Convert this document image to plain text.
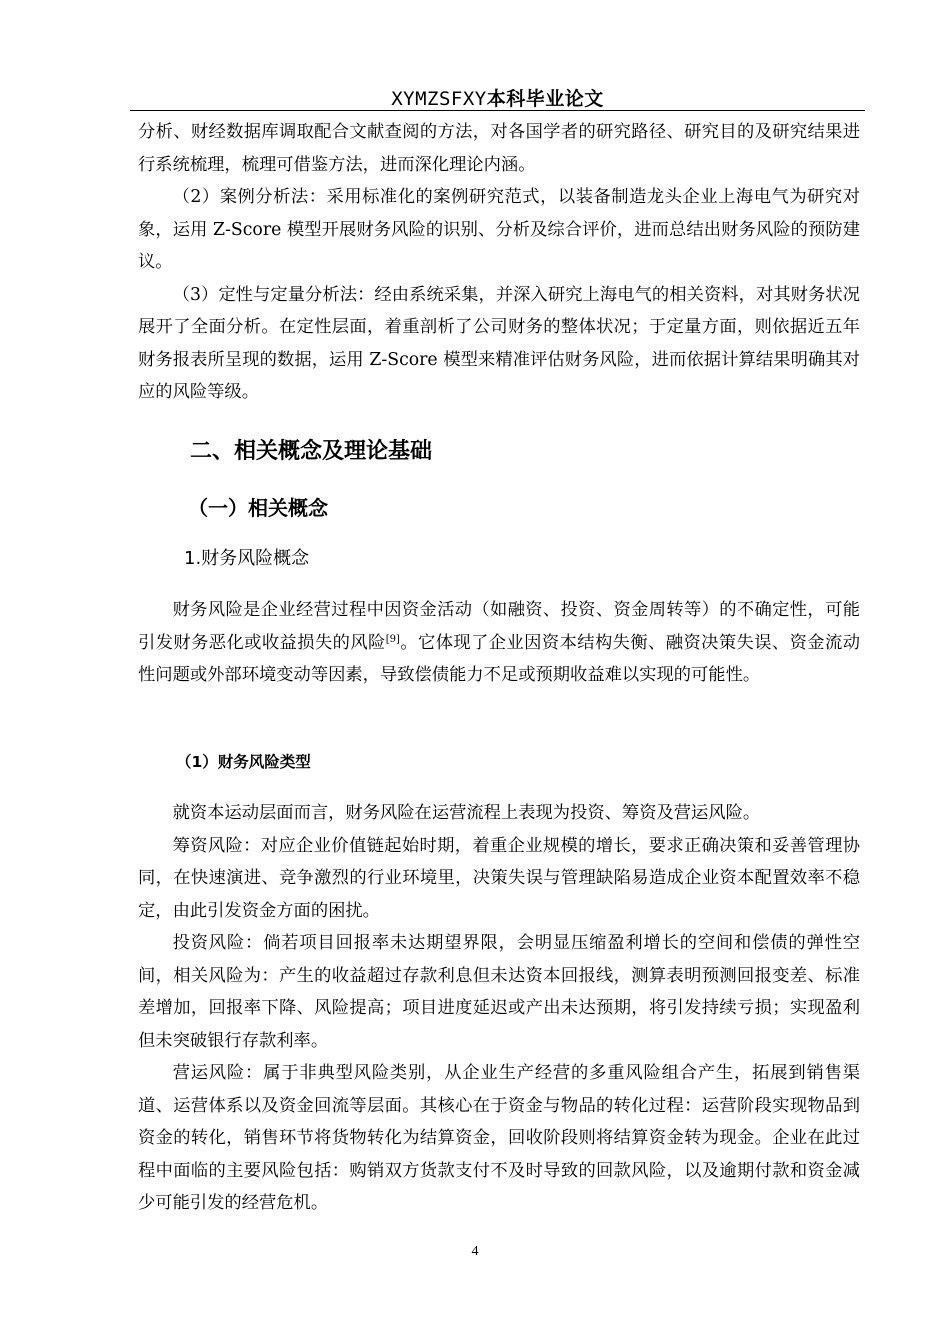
XYMZSFXY本科毕业论文

分析、财经数据库调取配合文献查阅的方法，对各国学者的研究路径、研究目的及研究结果进行系统梳理，梳理可借鉴方法，进而深化理论内涵。

（2）案例分析法：采用标准化的案例研究范式，以装备制造龙头企业上海电气为研究对象，运用 Z-Score 模型开展财务风险的识别、分析及综合评价，进而总结出财务风险的预防建议。

（3）定性与定量分析法：经由系统采集，并深入研究上海电气的相关资料，对其财务状况展开了全面分析。在定性层面，着重剖析了公司财务的整体状况；于定量方面，则依据近五年财务报表所呈现的数据，运用 Z-Score 模型来精准评估财务风险，进而依据计算结果明确其对应的风险等级。

二、相关概念及理论基础
（一）相关概念
1.财务风险概念

财务风险是企业经营过程中因资金活动（如融资、投资、资金周转等）的不确定性，可能引发财务恶化或收益损失的风险[9]。它体现了企业因资本结构失衡、融资决策失误、资金流动性问题或外部环境变动等因素，导致偿债能力不足或预期收益难以实现的可能性。

（1）财务风险类型

就资本运动层面而言，财务风险在运营流程上表现为投资、筹资及营运风险。

筹资风险：对应企业价值链起始时期，着重企业规模的增长，要求正确决策和妥善管理协同，在快速演进、竞争激烈的行业环境里，决策失误与管理缺陷易造成企业资本配置效率不稳定，由此引发资金方面的困扰。

投资风险：倘若项目回报率未达期望界限，会明显压缩盈利增长的空间和偿债的弹性空间，相关风险为：产生的收益超过存款利息但未达资本回报线，测算表明预测回报变差、标准差增加，回报率下降、风险提高；项目进度延迟或产出未达预期，将引发持续亏损；实现盈利但未突破银行存款利率。

营运风险：属于非典型风险类别，从企业生产经营的多重风险组合产生，拓展到销售渠道、运营体系以及资金回流等层面。其核心在于资金与物品的转化过程：运营阶段实现物品到资金的转化，销售环节将货物转化为结算资金，回收阶段则将结算资金转为现金。企业在此过程中面临的主要风险包括：购销双方货款支付不及时导致的回款风险，以及逾期付款和资金减少可能引发的经营危机。

4
